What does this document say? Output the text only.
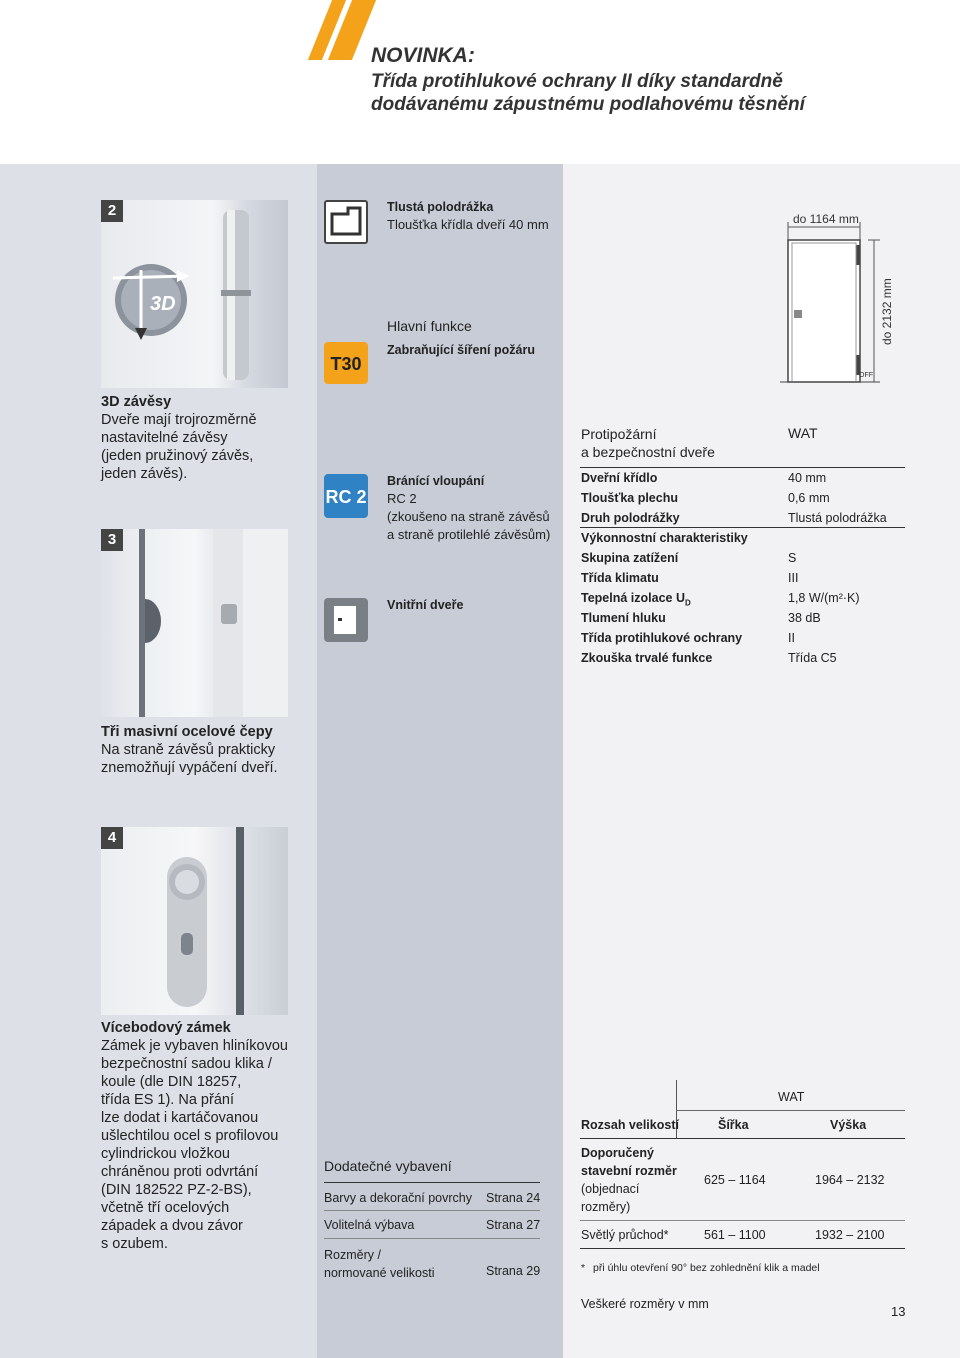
NOVINKA:
Třída protihlukové ochrany II díky standardně
dodávanému zápustnému podlahovému těsnění
2
3D
3D závěsy
Dveře mají trojrozměrně
nastavitelné závěsy
(jeden pružinový závěs,
jeden závěs).
3
Tři masivní ocelové čepy
Na straně závěsů prakticky
znemožňují vypáčení dveří.
4
Vícebodový zámek
Zámek je vybaven hliníkovou
bezpečnostní sadou klika /
koule (dle DIN 18257,
třída ES 1). Na přání
lze dodat i kartáčovanou
ušlechtilou ocel s profilovou
cylindrickou vložkou
chráněnou proti odvrtání
(DIN 182522 PZ-2-BS),
včetně tří ocelových
západek a dvou závor
s ozubem.
Tlustá polodrážka
Tloušťka křídla dveří 40 mm
Hlavní funkce
T30
Zabraňující šíření požáru
RC 2
Bránící vloupání
RC 2
(zkoušeno na straně závěsů
a straně protilehlé závěsům)
Vnitřní dveře
do 1164 mm
do 2132 mm
OFF
Protipožární
a bezpečnostní dveře
WAT
Dveřní křídlo	40 mm
Tloušťka plechu	0,6 mm
Druh polodrážky	Tlustá polodrážka
Výkonnostní charakteristiky
Skupina zatížení	S
Třída klimatu	III
Tepelná izolace $U_D$	1,8 W/(m²·K)
Tlumení hluku	38 dB
Třída protihlukové ochrany	II
Zkouška trvalé funkce	Třída C5
Dodatečné vybavení
Barvy a dekorační povrchy Strana 24
Volitelná výbava	Strana 27
Rozměry /
normované velikosti	Strana 29
WAT
Rozsah velikostí	Šířka	Výška
Doporučený
stavební rozměr
(objednací
rozměry)
625 – 1164	1964 – 2132
Světlý průchod*	561 – 1100	1932 – 2100
* při úhlu otevření 90° bez zohlednění klik a madel
Veškeré rozměry v mm	13
